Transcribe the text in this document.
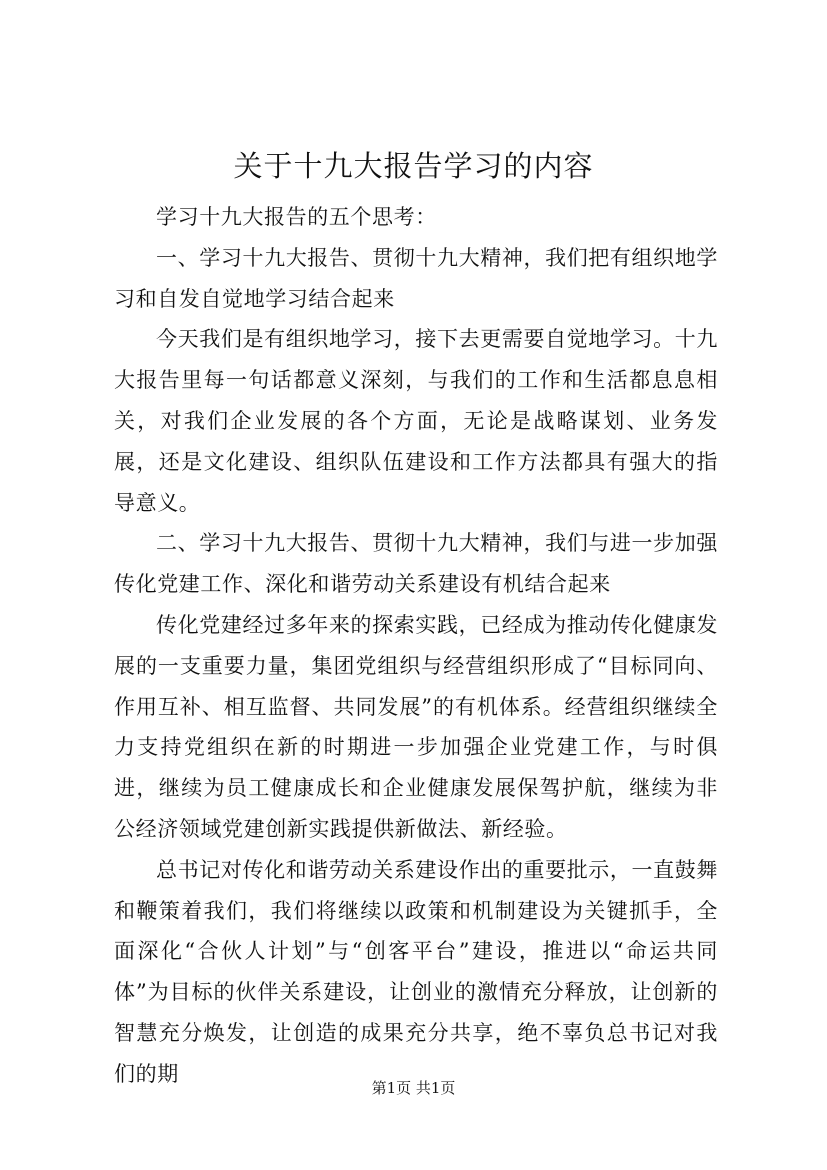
关于十九大报告学习的内容

学习十九大报告的五个思考：

一、学习十九大报告、贯彻十九大精神，我们把有组织地学习和自发自觉地学习结合起来

今天我们是有组织地学习，接下去更需要自觉地学习。十九大报告里每一句话都意义深刻，与我们的工作和生活都息息相关，对我们企业发展的各个方面，无论是战略谋划、业务发展，还是文化建设、组织队伍建设和工作方法都具有强大的指导意义。

二、学习十九大报告、贯彻十九大精神，我们与进一步加强传化党建工作、深化和谐劳动关系建设有机结合起来

传化党建经过多年来的探索实践，已经成为推动传化健康发展的一支重要力量，集团党组织与经营组织形成了“目标同向、作用互补、相互监督、共同发展”的有机体系。经营组织继续全力支持党组织在新的时期进一步加强企业党建工作，与时俱进，继续为员工健康成长和企业健康发展保驾护航，继续为非公经济领域党建创新实践提供新做法、新经验。

总书记对传化和谐劳动关系建设作出的重要批示，一直鼓舞和鞭策着我们，我们将继续以政策和机制建设为关键抓手，全面深化“合伙人计划”与“创客平台”建设，推进以“命运共同体”为目标的伙伴关系建设，让创业的激情充分释放，让创新的智慧充分焕发，让创造的成果充分共享，绝不辜负总书记对我们的期

第1页 共1页
